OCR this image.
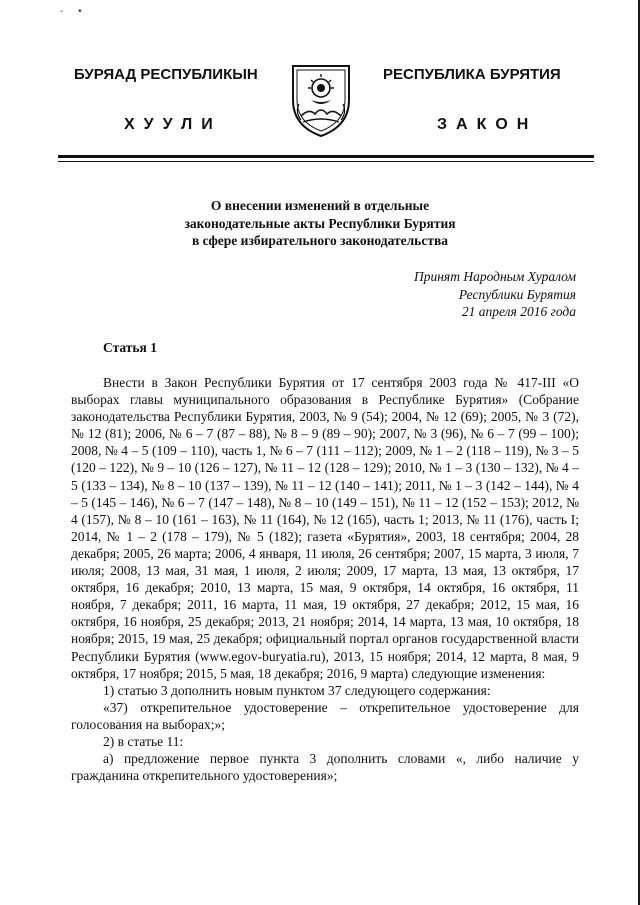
- •
БУРЯАД РЕСПУБЛИКЫН	РЕСПУБЛИКА БУРЯТИЯ
ХУУЛИ	ЗАКОН
О внесении изменений в отдельные
законодательные акты Республики Бурятия
в сфере избирательного законодательства
Принят Народным Хуралом
Республики Бурятия
21 апреля 2016 года
Статья 1

Внести в Закон Республики Бурятия от 17 сентября 2003 года № 417-III «О выборах главы муниципального образования в Республике Бурятия» (Собрание законодательства Республики Бурятия, 2003, № 9 (54); 2004, № 12 (69); 2005, № 3 (72), № 12 (81); 2006, № 6 – 7 (87 – 88), № 8 – 9 (89 – 90); 2007, № 3 (96), № 6 – 7 (99 – 100); 2008, № 4 – 5 (109 – 110), часть 1, № 6 – 7 (111 – 112); 2009, № 1 – 2 (118 – 119), № 3 – 5 (120 – 122), № 9 – 10 (126 – 127), № 11 – 12 (128 – 129); 2010, № 1 – 3 (130 – 132), № 4 – 5 (133 – 134), № 8 – 10 (137 – 139), № 11 – 12 (140 – 141); 2011, № 1 – 3 (142 – 144), № 4 – 5 (145 – 146), № 6 – 7 (147 – 148), № 8 – 10 (149 – 151), № 11 – 12 (152 – 153); 2012, № 4 (157), № 8 – 10 (161 – 163), № 11 (164), № 12 (165), часть 1; 2013, № 11 (176), часть I; 2014, № 1 – 2 (178 – 179), № 5 (182); газета «Бурятия», 2003, 18 сентября; 2004, 28 декабря; 2005, 26 марта; 2006, 4 января, 11 июля, 26 сентября; 2007, 15 марта, 3 июля, 7 июля; 2008, 13 мая, 31 мая, 1 июля, 2 июля; 2009, 17 марта, 13 мая, 13 октября, 17 октября, 16 декабря; 2010, 13 марта, 15 мая, 9 октября, 14 октября, 16 октября, 11 ноября, 7 декабря; 2011, 16 марта, 11 мая, 19 октября, 27 декабря; 2012, 15 мая, 16 октября, 16 ноября, 25 декабря; 2013, 21 ноября; 2014, 14 марта, 13 мая, 10 октября, 18 ноября; 2015, 19 мая, 25 декабря; официальный портал органов государственной власти Республики Бурятия (www.egov-buryatia.ru), 2013, 15 ноября; 2014, 12 марта, 8 мая, 9 октября, 17 ноября; 2015, 5 мая, 18 декабря; 2016, 9 марта) следующие изменения:

1) статью 3 дополнить новым пунктом 37 следующего содержания:

«37) открепительное удостоверение – открепительное удостоверение для голосования на выборах;»;

2) в статье 11:

а) предложение первое пункта 3 дополнить словами «, либо наличие у гражданина открепительного удостоверения»;
